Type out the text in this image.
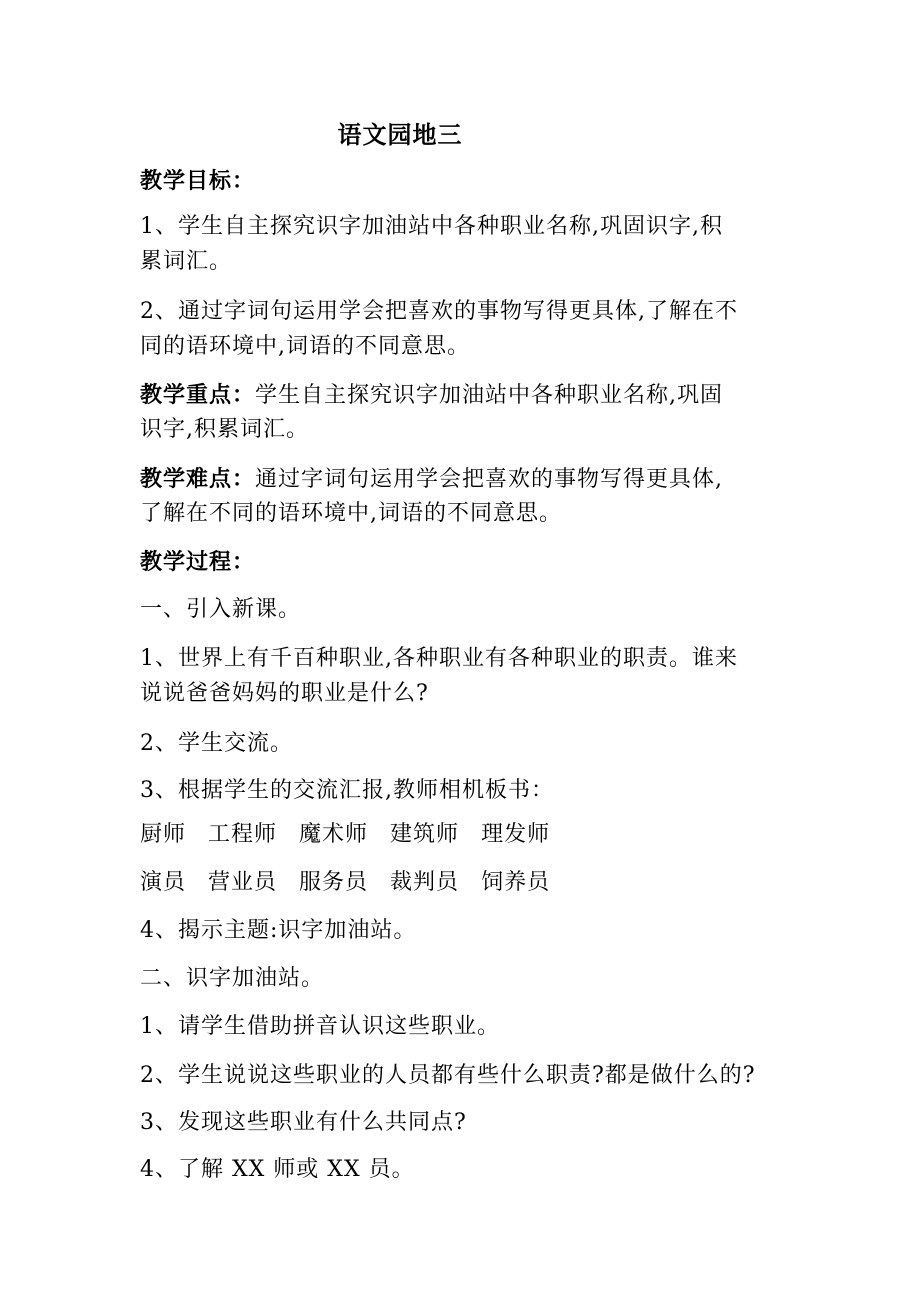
语文园地三
教学目标：
1、学生自主探究识字加油站中各种职业名称,巩固识字,积
累词汇。
2、通过字词句运用学会把喜欢的事物写得更具体,了解在不
同的语环境中,词语的不同意思。
教学重点：学生自主探究识字加油站中各种职业名称,巩固
识字,积累词汇。
教学难点：通过字词句运用学会把喜欢的事物写得更具体,
了解在不同的语环境中,词语的不同意思。
教学过程：
一、引入新课。
1、世界上有千百种职业,各种职业有各种职业的职责。谁来
说说爸爸妈妈的职业是什么?
2、学生交流。
3、根据学生的交流汇报,教师相机板书：
厨师 工程师 魔术师 建筑师 理发师
演员 营业员 服务员 裁判员 饲养员
4、揭示主题:识字加油站。
二、识字加油站。
1、请学生借助拼音认识这些职业。
2、学生说说这些职业的人员都有些什么职责?都是做什么的?
3、发现这些职业有什么共同点?
4、了解 XX 师或 XX 员。
